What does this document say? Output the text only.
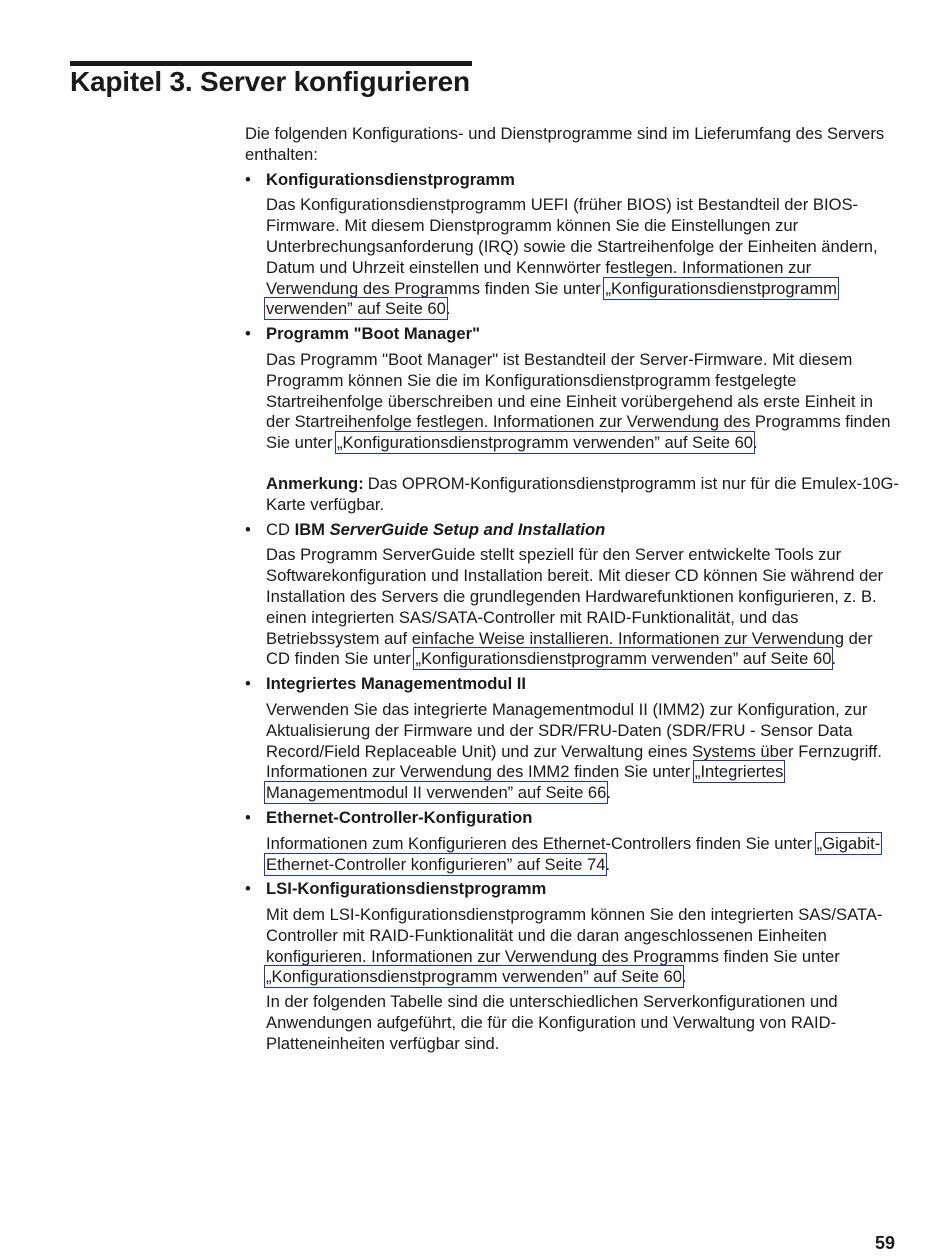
Kapitel 3. Server konfigurieren

Die folgenden Konfigurations- und Dienstprogramme sind im Lieferumfang des Servers enthalten:

• Konfigurationsdienstprogramm

Das Konfigurationsdienstprogramm UEFI (früher BIOS) ist Bestandteil der BIOS-Firmware. Mit diesem Dienstprogramm können Sie die Einstellungen zur Unterbrechungsanforderung (IRQ) sowie die Startreihenfolge der Einheiten ändern, Datum und Uhrzeit einstellen und Kennwörter festlegen. Informationen zur Verwendung des Programms finden Sie unter „Konfigurationsdienstprogramm verwenden” auf Seite 60.

• Programm "Boot Manager"

Das Programm "Boot Manager" ist Bestandteil der Server-Firmware. Mit diesem Programm können Sie die im Konfigurationsdienstprogramm festgelegte Startreihenfolge überschreiben und eine Einheit vorübergehend als erste Einheit in der Startreihenfolge festlegen. Informationen zur Verwendung des Programms finden Sie unter „Konfigurationsdienstprogramm verwenden” auf Seite 60.

Anmerkung: Das OPROM-Konfigurationsdienstprogramm ist nur für die Emulex-10G-Karte verfügbar.

• CD IBM ServerGuide Setup and Installation

Das Programm ServerGuide stellt speziell für den Server entwickelte Tools zur Softwarekonfiguration und Installation bereit. Mit dieser CD können Sie während der Installation des Servers die grundlegenden Hardwarefunktionen konfigurieren, z. B. einen integrierten SAS/SATA-Controller mit RAID-Funktionalität, und das Betriebssystem auf einfache Weise installieren. Informationen zur Verwendung der CD finden Sie unter „Konfigurationsdienstprogramm verwenden” auf Seite 60.

• Integriertes Managementmodul II

Verwenden Sie das integrierte Managementmodul II (IMM2) zur Konfiguration, zur Aktualisierung der Firmware und der SDR/FRU-Daten (SDR/FRU - Sensor Data Record/Field Replaceable Unit) und zur Verwaltung eines Systems über Fernzugriff. Informationen zur Verwendung des IMM2 finden Sie unter „Integriertes Managementmodul II verwenden” auf Seite 66.

• Ethernet-Controller-Konfiguration

Informationen zum Konfigurieren des Ethernet-Controllers finden Sie unter „Gigabit-Ethernet-Controller konfigurieren” auf Seite 74.

• LSI-Konfigurationsdienstprogramm

Mit dem LSI-Konfigurationsdienstprogramm können Sie den integrierten SAS/SATA-Controller mit RAID-Funktionalität und die daran angeschlossenen Einheiten konfigurieren. Informationen zur Verwendung des Programms finden Sie unter „Konfigurationsdienstprogramm verwenden” auf Seite 60.

In der folgenden Tabelle sind die unterschiedlichen Serverkonfigurationen und Anwendungen aufgeführt, die für die Konfiguration und Verwaltung von RAID-Platteneinheiten verfügbar sind.

59
